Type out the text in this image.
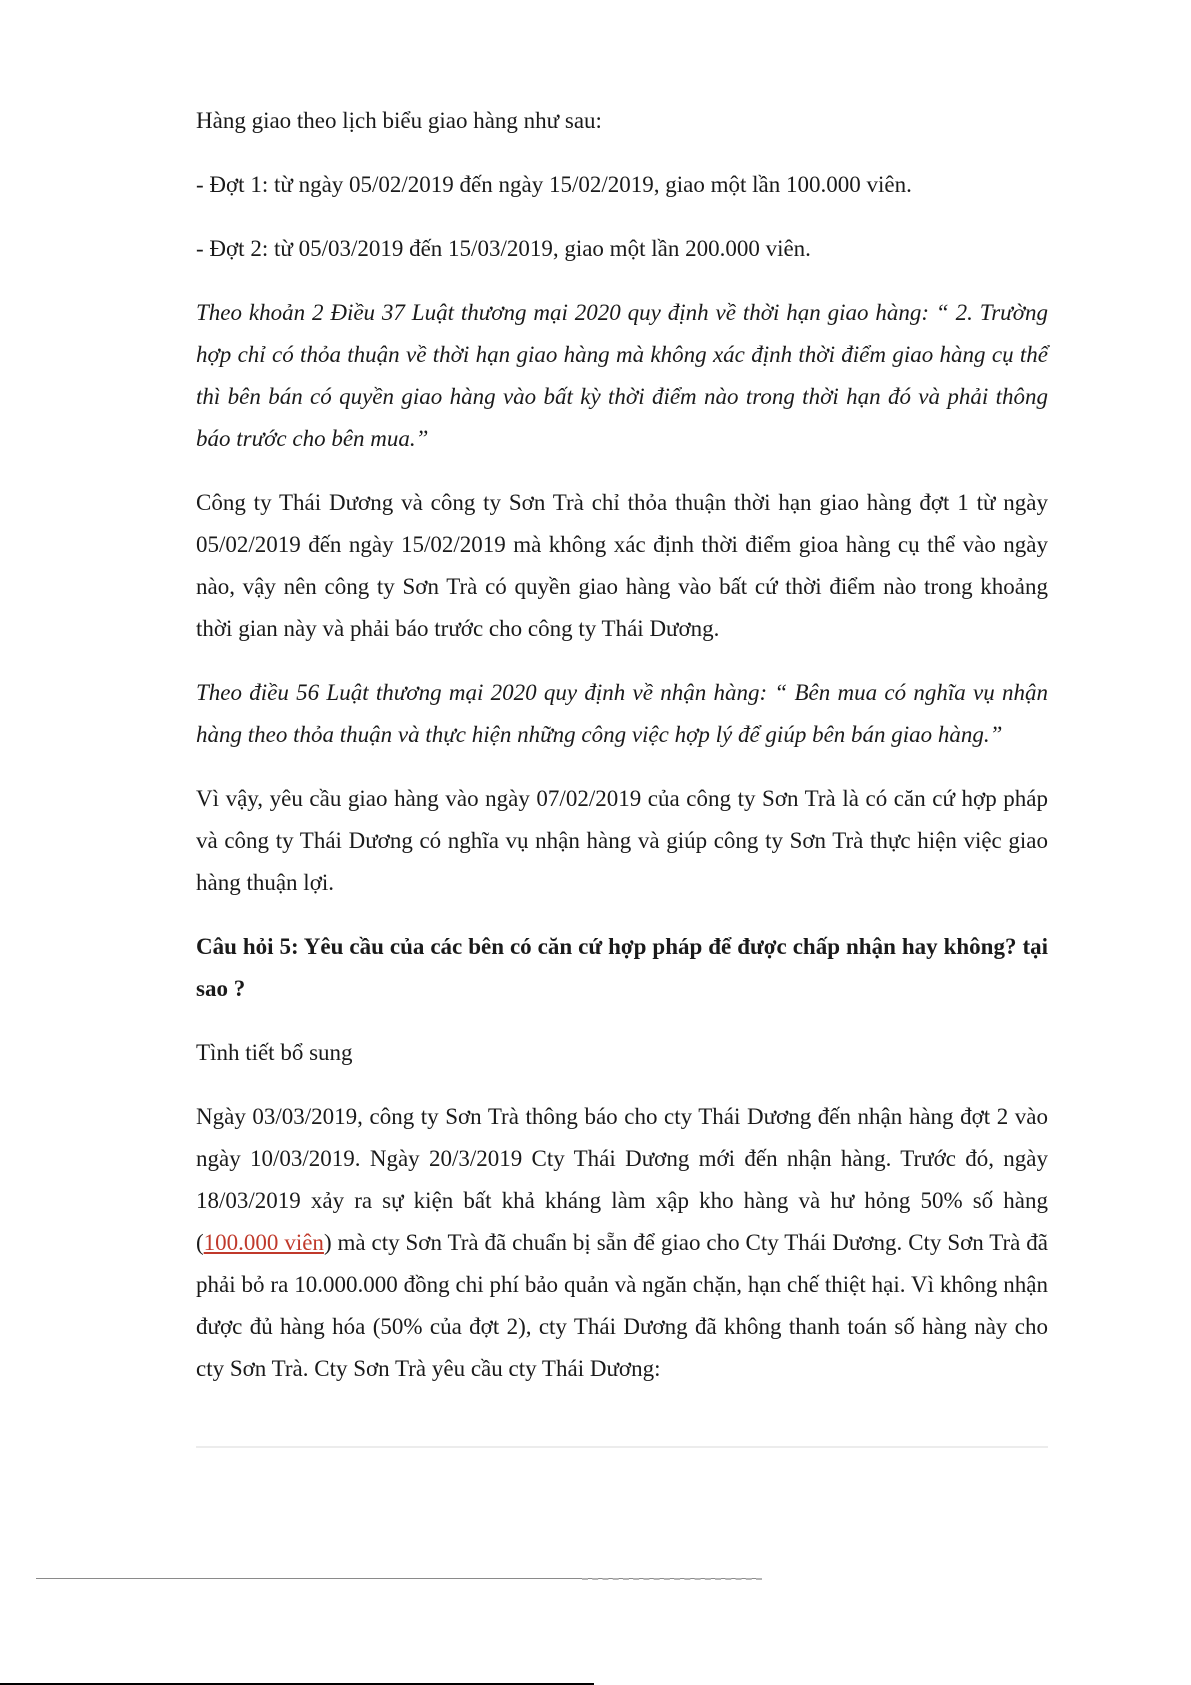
Hàng giao theo lịch biểu giao hàng như sau:

- Đợt 1: từ ngày 05/02/2019 đến ngày 15/02/2019, giao một lần 100.000 viên.

- Đợt 2: từ 05/03/2019 đến 15/03/2019, giao một lần 200.000 viên.

Theo khoản 2 Điều 37 Luật thương mại 2020 quy định về thời hạn giao hàng: “ 2. Trường hợp chỉ có thỏa thuận về thời hạn giao hàng mà không xác định thời điểm giao hàng cụ thể thì bên bán có quyền giao hàng vào bất kỳ thời điểm nào trong thời hạn đó và phải thông báo trước cho bên mua.”

Công ty Thái Dương và công ty Sơn Trà chỉ thỏa thuận thời hạn giao hàng đợt 1 từ ngày 05/02/2019 đến ngày 15/02/2019 mà không xác định thời điểm gioa hàng cụ thể vào ngày nào, vậy nên công ty Sơn Trà có quyền giao hàng vào bất cứ thời điểm nào trong khoảng thời gian này và phải báo trước cho công ty Thái Dương.

Theo điều 56 Luật thương mại 2020 quy định về nhận hàng: “ Bên mua có nghĩa vụ nhận hàng theo thỏa thuận và thực hiện những công việc hợp lý để giúp bên bán giao hàng.”

Vì vậy, yêu cầu giao hàng vào ngày 07/02/2019 của công ty Sơn Trà là có căn cứ hợp pháp và công ty Thái Dương có nghĩa vụ nhận hàng và giúp công ty Sơn Trà thực hiện việc giao hàng thuận lợi.

Câu hỏi 5: Yêu cầu của các bên có căn cứ hợp pháp để được chấp nhận hay không? tại sao ?

Tình tiết bổ sung

Ngày 03/03/2019, công ty Sơn Trà thông báo cho cty Thái Dương đến nhận hàng đợt 2 vào ngày 10/03/2019. Ngày 20/3/2019 Cty Thái Dương mới đến nhận hàng. Trước đó, ngày 18/03/2019 xảy ra sự kiện bất khả kháng làm xập kho hàng và hư hỏng 50% số hàng (100.000 viên) mà cty Sơn Trà đã chuẩn bị sẵn để giao cho Cty Thái Dương. Cty Sơn Trà đã phải bỏ ra 10.000.000 đồng chi phí bảo quản và ngăn chặn, hạn chế thiệt hại. Vì không nhận được đủ hàng hóa (50% của đợt 2), cty Thái Dương đã không thanh toán số hàng này cho cty Sơn Trà. Cty Sơn Trà yêu cầu cty Thái Dương:
